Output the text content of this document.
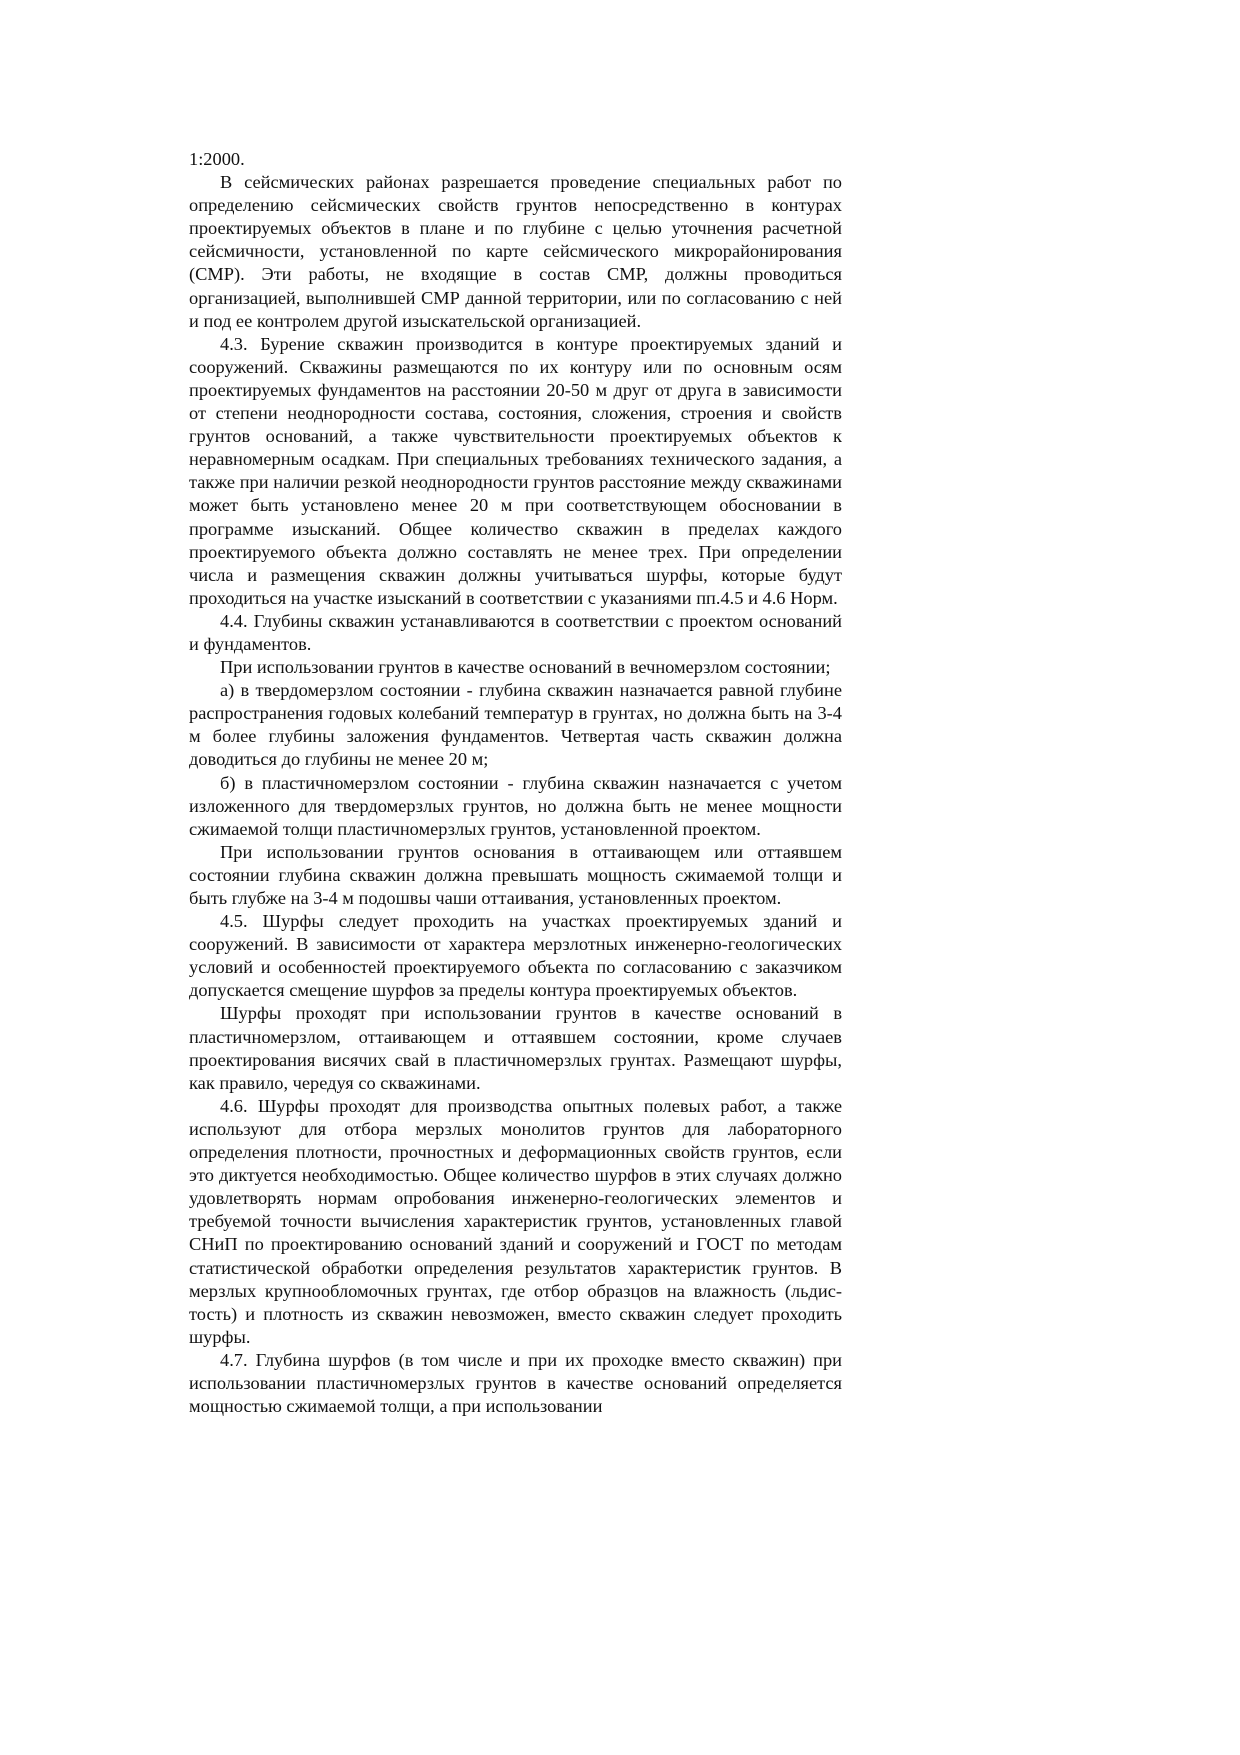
1:2000.

В сейсмических районах разрешается проведение специальных работ по определению сейсмических свойств грунтов непосредственно в контурах проектируемых объектов в плане и по глубине с целью уточнения расчетной сейсмичности, установленной по карте сейсмического микрорайонирования (СМР). Эти работы, не входящие в состав СМР, должны проводиться организацией, выполнившей СМР данной территории, или по согласованию с ней и под ее контролем другой изыскательской организацией.

4.3. Бурение скважин производится в контуре проектируемых зданий и сооружений. Скважины размещаются по их контуру или по основным осям проектируемых фундаментов на расстоянии 20-50 м друг от друга в зависимости от степени неоднородности состава, состояния, сложения, строения и свойств грунтов оснований, а также чувствительности проектируемых объектов к неравномерным осадкам. При специальных требованиях технического задания, а также при наличии резкой неоднородности грунтов расстояние между скважинами может быть установлено менее 20 м при соответствующем обосновании в программе изысканий. Общее количество скважин в пределах каждого проектируемого объекта должно составлять не менее трех. При определении числа и размещения скважин должны учитываться шурфы, которые будут проходиться на участке изысканий в соответствии с указаниями пп.4.5 и 4.6 Норм.

4.4. Глубины скважин устанавливаются в соответствии с проектом оснований и фундаментов.

При использовании грунтов в качестве оснований в вечномерзлом состоянии;

а) в твердомерзлом состоянии - глубина скважин назначается равной глубине распространения годовых колебаний температур в грунтах, но должна быть на 3-4 м более глубины заложения фундаментов. Четвертая часть скважин должна доводиться до глубины не менее 20 м;

б) в пластичномерзлом состоянии - глубина скважин назначается с учетом изложенного для твердомерзлых грунтов, но должна быть не менее мощности сжимаемой толщи пластичномерзлых грунтов, установленной проектом.

При использовании грунтов основания в оттаивающем или оттаявшем состоянии глубина скважин должна превышать мощность сжимаемой толщи и быть глубже на 3-4 м подошвы чаши оттаивания, установленных проектом.

4.5. Шурфы следует проходить на участках проектируемых зданий и сооружений. В зависимости от характера мерзлотных инженерно-геологических условий и особенностей проектируемого объекта по согласованию с заказчиком допускается смещение шурфов за пределы контура проектируемых объектов.

Шурфы проходят при использовании грунтов в качестве оснований в пластичномерзлом, оттаивающем и оттаявшем состоянии, кроме случаев проектирования висячих свай в пластичномерзлых грунтах. Размещают шурфы, как правило, чередуя со скважинами.

4.6. Шурфы проходят для производства опытных полевых работ, а также используют для отбора мерзлых монолитов грунтов для лабораторного определения плотности, прочностных и деформационных свойств грунтов, если это диктуется необходимостью. Общее количество шурфов в этих случаях должно удовлетворять нормам опробования инженерно-геологических элементов и требуемой точности вычисления характеристик грунтов, установленных главой СНиП по проектированию оснований зданий и сооружений и ГОСТ по методам статистической обработки определения результатов характеристик грунтов. В мерзлых крупнообломочных грунтах, где отбор образцов на влажность (льдис-тость) и плотность из скважин невозможен, вместо скважин следует проходить шурфы.

4.7. Глубина шурфов (в том числе и при их проходке вместо скважин) при использовании пластичномерзлых грунтов в качестве оснований определяется мощностью сжимаемой толщи, а при использовании
